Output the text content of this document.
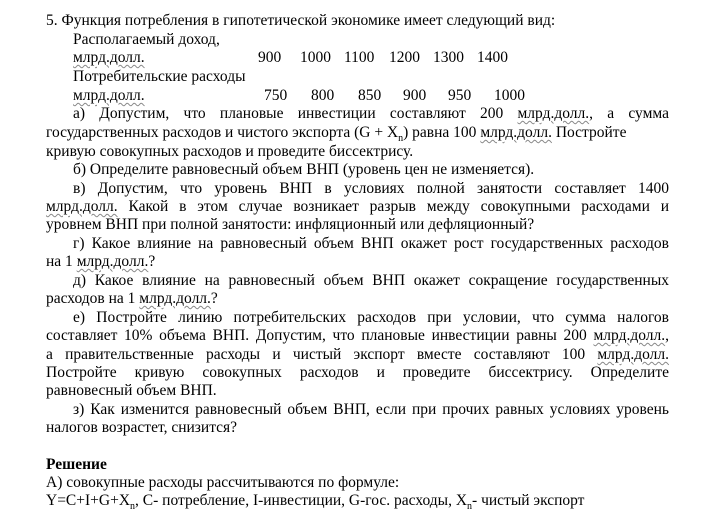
5. Функция потребления в гипотетической экономике имеет следующий вид:
Располагаемый доход,
млрд.долл.	900 1000 1100 1200 1300 1400
Потребительские расходы
млрд.долл.	750 800 850 900 950 1000
а) Допустим, что плановые инвестиции составляют 200 млрд.долл., а сумма
государственных расходов и чистого экспорта $(G + X_n)$ равна 100 млрд.долл. Постройте
кривую совокупных расходов и проведите биссектрису.
б) Определите равновесный объем ВНП (уровень цен не изменяется).
в) Допустим, что уровень ВНП в условиях полной занятости составляет 1400
млрд.долл. Какой в этом случае возникает разрыв между совокупными расходами и
уровнем ВНП при полной занятости: инфляционный или дефляционный?
г) Какое влияние на равновесный объем ВНП окажет рост государственных расходов
на 1 млрд.долл.?
д) Какое влияние на равновесный объем ВНП окажет сокращение государственных
расходов на 1 млрд.долл.?
е) Постройте линию потребительских расходов при условии, что сумма налогов
составляет 10% объема ВНП. Допустим, что плановые инвестиции равны 200 млрд.долл.,
а правительственные расходы и чистый экспорт вместе составляют 100 млрд.долл.
Постройте кривую совокупных расходов и проведите биссектрису. Определите
равновесный объем ВНП.
з) Как изменится равновесный объем ВНП, если при прочих равных условиях уровень
налогов возрастет, снизится?
Решение
А) совокупные расходы рассчитываются по формуле:
$Y=C+I+G+X_n$, C- потребление, I-инвестиции, G-гос. расходы, $X_n-$ чистый экспорт
